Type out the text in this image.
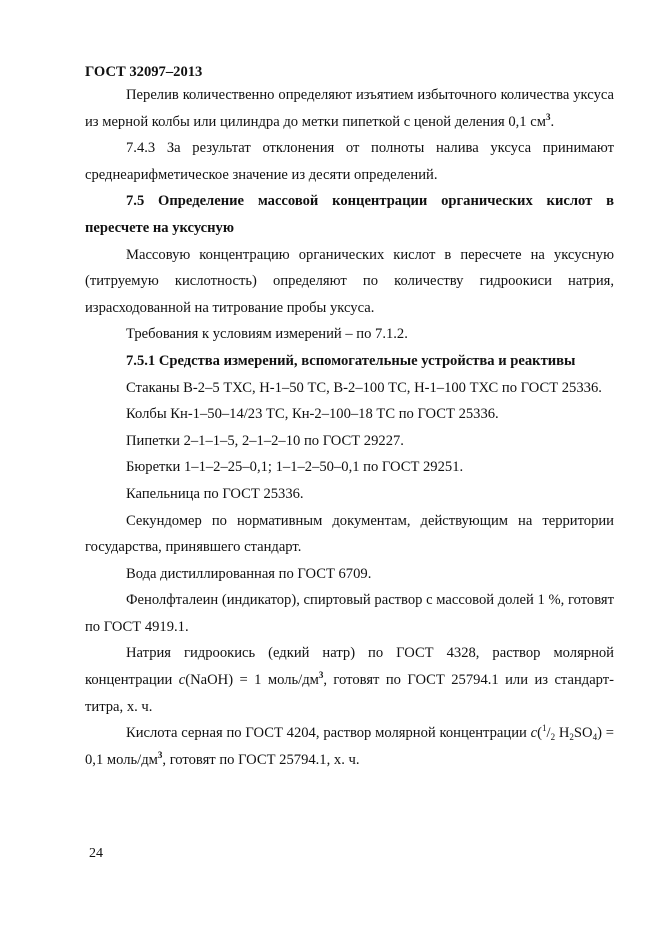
ГОСТ 32097–2013

Перелив количественно определяют изъятием избыточного количества уксуса из мерной колбы или цилиндра до метки пипеткой с ценой деления 0,1 $см^3$.

7.4.3 За результат отклонения от полноты налива уксуса принимают среднеарифметическое значение из десяти определений.

7.5 Определение массовой концентрации органических кислот в пересчете на уксусную

Массовую концентрацию органических кислот в пересчете на уксусную (титруемую кислотность) определяют по количеству гидроокиси натрия, израсходованной на титрование пробы уксуса.

Требования к условиям измерений – по 7.1.2.

7.5.1 Средства измерений, вспомогательные устройства и реактивы

Стаканы В-2–5 ТХС, Н-1–50 ТС, В-2–100 ТС, Н-1–100 ТХС по ГОСТ 25336.

Колбы Кн-1–50–14/23 ТС, Кн-2–100–18 ТС по ГОСТ 25336.

Пипетки 2–1–1–5, 2–1–2–10 по ГОСТ 29227.

Бюретки 1–1–2–25–0,1; 1–1–2–50–0,1 по ГОСТ 29251.

Капельница по ГОСТ 25336.

Секундомер по нормативным документам, действующим на территории государства, принявшего стандарт.

Вода дистиллированная по ГОСТ 6709.

Фенолфталеин (индикатор), спиртовый раствор с массовой долей 1 %, готовят по ГОСТ 4919.1.

Натрия гидроокись (едкий натр) по ГОСТ 4328, раствор молярной концентрации c(NaOH) = 1 моль/$дм^3$, готовят по ГОСТ 25794.1 или из стандарт-титра, х. ч.

Кислота серная по ГОСТ 4204, раствор молярной концентрации $c(^1/_2$ $H_2SO_4) = 0,1$ моль/$дм^3$, готовят по ГОСТ 25794.1, х. ч.

24
